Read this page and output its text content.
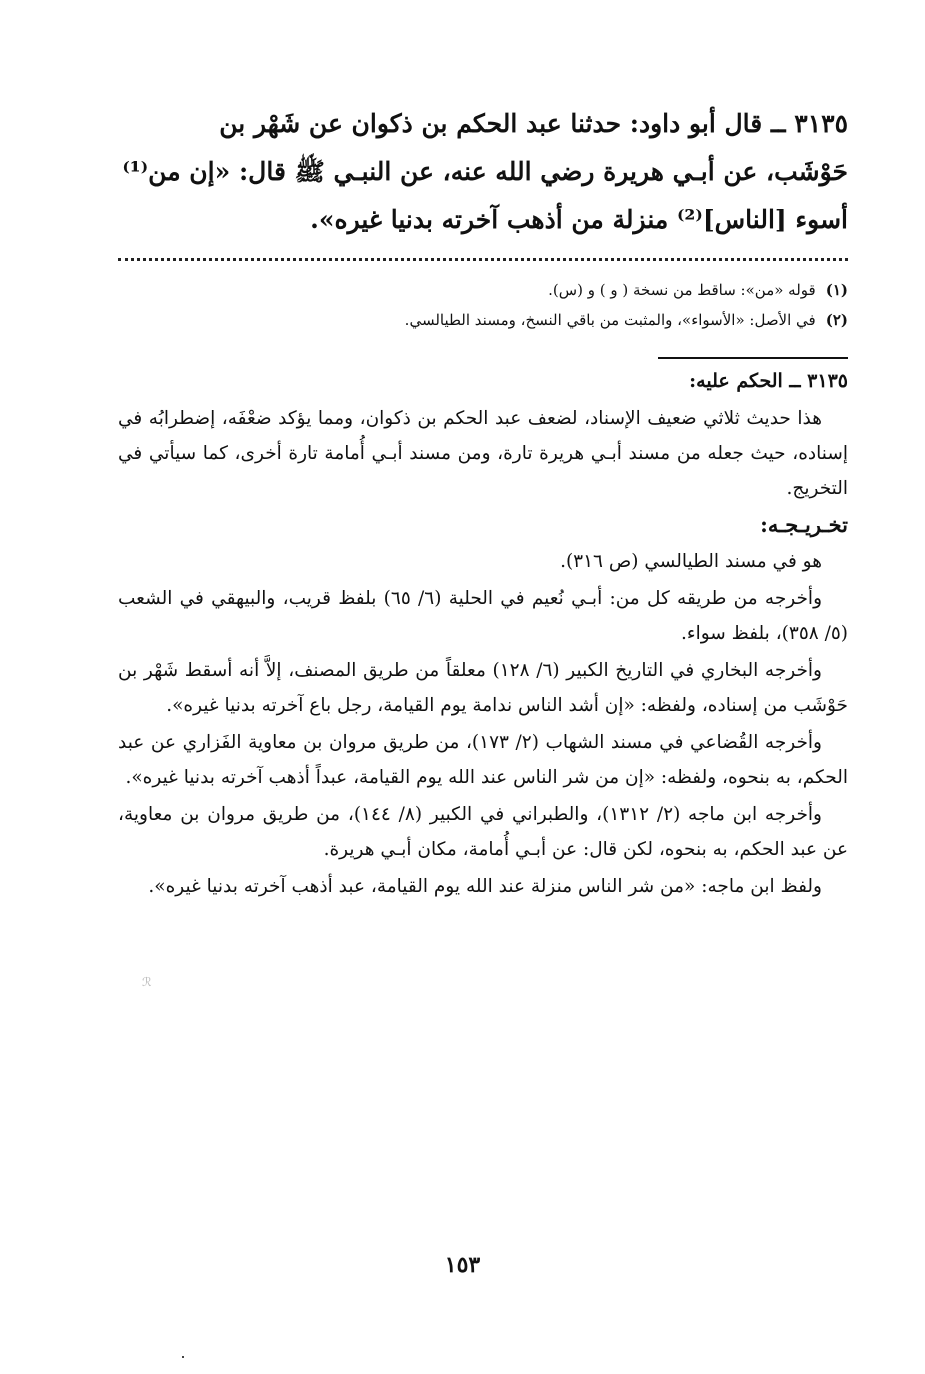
٣١٣٥ ــ قال أبو داود: حدثنا عبد الحكم بن ذكوان عن شَهْر بن

حَوْشَب، عن أبـي هريرة رضي الله عنه، عن النبـي ﷺ قال: «إن من⁽¹⁾

أسوء [الناس]⁽²⁾ منزلة من أذهب آخرته بدنيا غيره».

(١)قوله «من»: ساقط من نسخة ( و ) و (س).

(٢)في الأصل: «الأسواء»، والمثبت من باقي النسخ، ومسند الطيالسي.

٣١٣٥ ــ الحكم عليه:

هذا حديث ثلاثي ضعيف الإسناد، لضعف عبد الحكم بن ذكوان، ومما يؤكد ضعْفَه، إضطرابُه في إسناده، حيث جعله من مسند أبـي هريرة تارة، ومن مسند أبـي أُمامة تارة أخرى، كما سيأتي في التخريج.

تخـريـجـه:

هو في مسند الطيالسي (ص ٣١٦).

وأخرجه من طريقه كل من: أبـي نُعيم في الحلية (٦/ ٦٥) بلفظ قريب، والبيهقي في الشعب (٥/ ٣٥٨)، بلفظ سواء.

وأخرجه البخاري في التاريخ الكبير (٦/ ١٢٨) معلقاً من طريق المصنف، إلاَّ أنه أسقط شَهْر بن حَوْشَب من إسناده، ولفظه: «إن أشد الناس ندامة يوم القيامة، رجل باع آخرته بدنيا غيره».

وأخرجه القُضاعي في مسند الشهاب (٢/ ١٧٣)، من طريق مروان بن معاوية الفَزاري عن عبد الحكم، به بنحوه، ولفظه: «إن من شر الناس عند الله يوم القيامة، عبداً أذهب آخرته بدنيا غيره».

وأخرجه ابن ماجه (٢/ ١٣١٢)، والطبراني في الكبير (٨/ ١٤٤)، من طريق مروان بن معاوية، عن عبد الحكم، به بنحوه، لكن قال: عن أبـي أُمامة، مكان أبـي هريرة.

ولفظ ابن ماجه: «من شر الناس منزلة عند الله يوم القيامة، عبد أذهب آخرته بدنيا غيره».

١٥٣
ℛ
